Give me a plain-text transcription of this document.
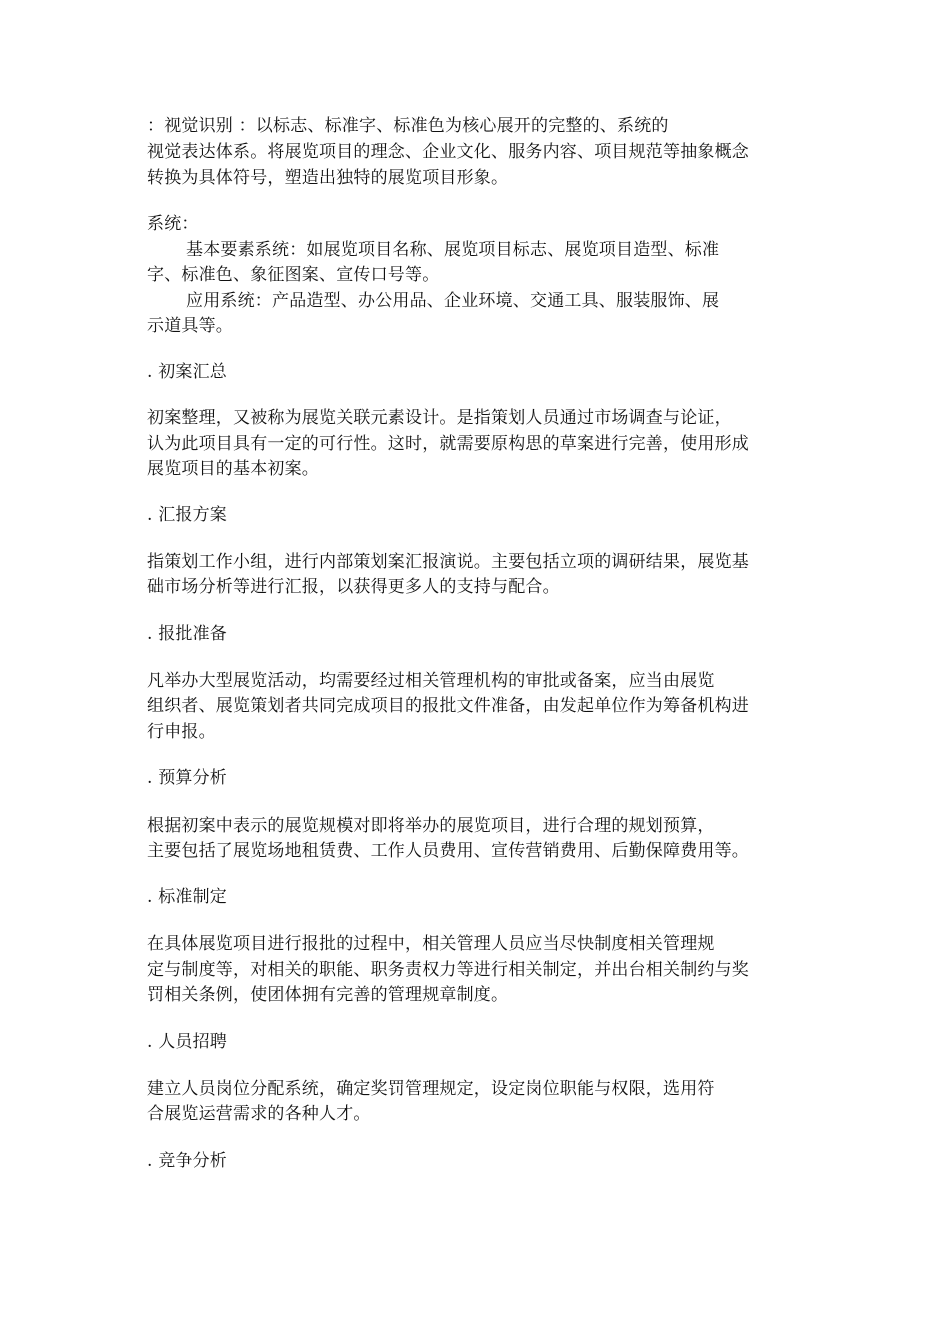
：视觉识别 ：以标志、标准字、标准色为核心展开的完整的、系统的
视觉表达体系。将展览项目的理念、企业文化、服务内容、项目规范等抽象概念
转换为具体符号，塑造出独特的展览项目形象。
系统：
基本要素系统：如展览项目名称、展览项目标志、展览项目造型、标准
字、标准色、象征图案、宣传口号等。
应用系统：产品造型、办公用品、企业环境、交通工具、服装服饰、展
示道具等。
. 初案汇总
初案整理，又被称为展览关联元素设计。是指策划人员通过市场调查与论证，
认为此项目具有一定的可行性。这时，就需要原构思的草案进行完善，使用形成
展览项目的基本初案。
. 汇报方案
指策划工作小组，进行内部策划案汇报演说。主要包括立项的调研结果，展览基
础市场分析等进行汇报，以获得更多人的支持与配合。
. 报批准备
凡举办大型展览活动，均需要经过相关管理机构的审批或备案，应当由展览
组织者、展览策划者共同完成项目的报批文件准备，由发起单位作为筹备机构进
行申报。
. 预算分析
根据初案中表示的展览规模对即将举办的展览项目，进行合理的规划预算，
主要包括了展览场地租赁费、工作人员费用、宣传营销费用、后勤保障费用等。
. 标准制定
在具体展览项目进行报批的过程中，相关管理人员应当尽快制度相关管理规
定与制度等，对相关的职能、职务责权力等进行相关制定，并出台相关制约与奖
罚相关条例，使团体拥有完善的管理规章制度。
. 人员招聘
建立人员岗位分配系统，确定奖罚管理规定，设定岗位职能与权限，选用符
合展览运营需求的各种人才。
. 竞争分析
